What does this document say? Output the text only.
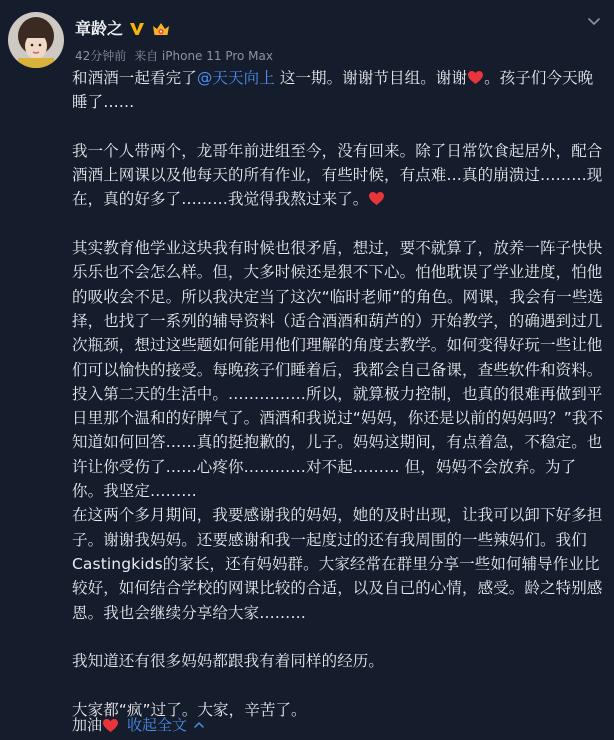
章龄之
42分钟前 来自 iPhone 11 Pro Max

和酒酒一起看完了@天天向上 这一期。谢谢节目组。谢谢 。孩子们今天晚睡了……

我一个人带两个，龙哥年前进组至今，没有回来。除了日常饮食起居外，配合酒酒上网课以及他每天的所有作业，有些时候，有点难…真的崩溃过………现在，真的好多了………我觉得我熬过来了。

其实教育他学业这块我有时候也很矛盾，想过，要不就算了，放养一阵子快快乐乐也不会怎么样。但，大多时候还是狠不下心。怕他耽误了学业进度，怕他的吸收会不足。所以我决定当了这次“临时老师”的角色。网课，我会有一些选择，也找了一系列的辅导资料（适合酒酒和葫芦的）开始教学，的确遇到过几次瓶颈，想过这些题如何能用他们理解的角度去教学。如何变得好玩一些让他们可以愉快的接受。每晚孩子们睡着后，我都会自己备课，查些软件和资料。投入第二天的生活中。……………所以，就算极力控制，也真的很难再做到平日里那个温和的好脾气了。酒酒和我说过“妈妈，你还是以前的妈妈吗？”我不知道如何回答……真的挺抱歉的，儿子。妈妈这期间，有点着急，不稳定。也许让你受伤了……心疼你…………对不起……… 但，妈妈不会放弃。为了你。我坚定………

在这两个多月期间，我要感谢我的妈妈，她的及时出现，让我可以卸下好多担子。谢谢我妈妈。还要感谢和我一起度过的还有我周围的一些辣妈们。我们Castingkids的家长，还有妈妈群。大家经常在群里分享一些如何辅导作业比较好，如何结合学校的网课比较的合适，以及自己的心情，感受。龄之特别感恩。我也会继续分享给大家………

我知道还有很多妈妈都跟我有着同样的经历。

大家都“疯”过了。大家，辛苦了。

加油 收起全文
